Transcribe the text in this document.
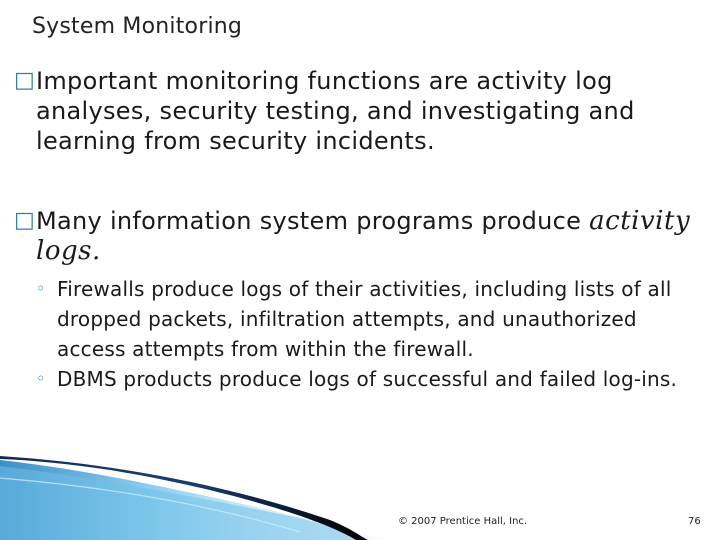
System Monitoring
□ Important monitoring functions are activity log analyses, security testing, and investigating and learning from security incidents.
□ Many information system programs produce activity logs.
◦ Firewalls produce logs of their activities, including lists of all dropped packets, infiltration attempts, and unauthorized access attempts from within the firewall.
◦ DBMS products produce logs of successful and failed log-ins.
© 2007 Prentice Hall, Inc.	76
